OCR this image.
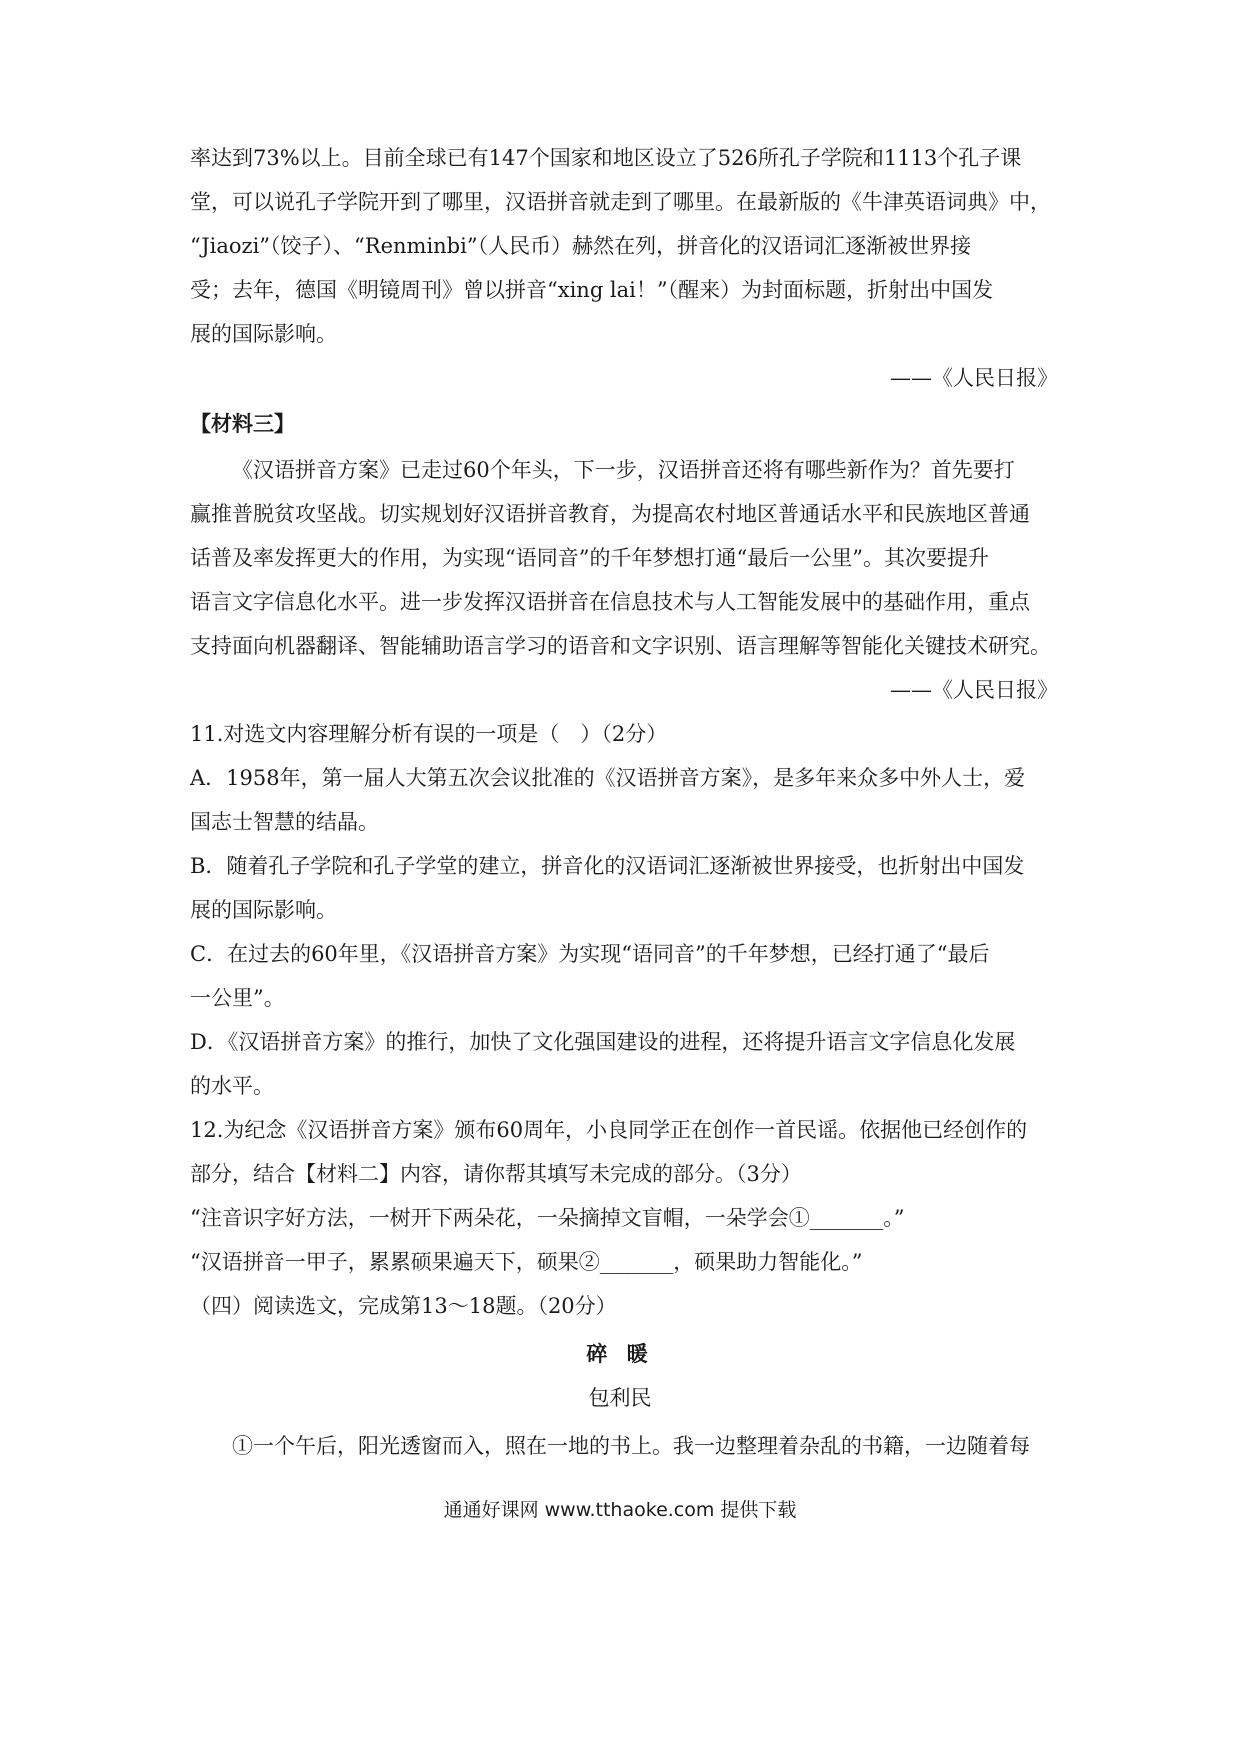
率达到73%以上。目前全球已有147个国家和地区设立了526所孔子学院和1113个孔子课
堂，可以说孔子学院开到了哪里，汉语拼音就走到了哪里。在最新版的《牛津英语词典》中，
“Jiaozi”（饺子）、“Renminbi”（人民币）赫然在列，拼音化的汉语词汇逐渐被世界接
受；去年，德国《明镜周刊》曾以拼音“xing lai！”（醒来）为封面标题，折射出中国发
展的国际影响。
——《人民日报》
【材料三】
《汉语拼音方案》已走过60个年头，下一步，汉语拼音还将有哪些新作为？首先要打
赢推普脱贫攻坚战。切实规划好汉语拼音教育，为提高农村地区普通话水平和民族地区普通
话普及率发挥更大的作用，为实现“语同音”的千年梦想打通“最后一公里”。其次要提升
语言文字信息化水平。进一步发挥汉语拼音在信息技术与人工智能发展中的基础作用，重点
支持面向机器翻译、智能辅助语言学习的语音和文字识别、语言理解等智能化关键技术研究。
——《人民日报》
11.对选文内容理解分析有误的一项是（　）（2分）
A．1958年，第一届人大第五次会议批准的《汉语拼音方案》，是多年来众多中外人士，爱
国志士智慧的结晶。
B．随着孔子学院和孔子学堂的建立，拼音化的汉语词汇逐渐被世界接受，也折射出中国发
展的国际影响。
C．在过去的60年里，《汉语拼音方案》为实现“语同音”的千年梦想，已经打通了“最后
一公里”。
D．《汉语拼音方案》的推行，加快了文化强国建设的进程，还将提升语言文字信息化发展
的水平。
12.为纪念《汉语拼音方案》颁布60周年，小良同学正在创作一首民谣。依据他已经创作的
部分，结合【材料二】内容，请你帮其填写未完成的部分。（3分）
“注音识字好方法，一树开下两朵花，一朵摘掉文盲帽，一朵学会①_______。”
“汉语拼音一甲子，累累硕果遍天下，硕果②_______，硕果助力智能化。”
（四）阅读选文，完成第13～18题。（20分）
碎 暖
包利民
①一个午后，阳光透窗而入，照在一地的书上。我一边整理着杂乱的书籍，一边随着每
通通好课网 www.tthaoke.com 提供下载
